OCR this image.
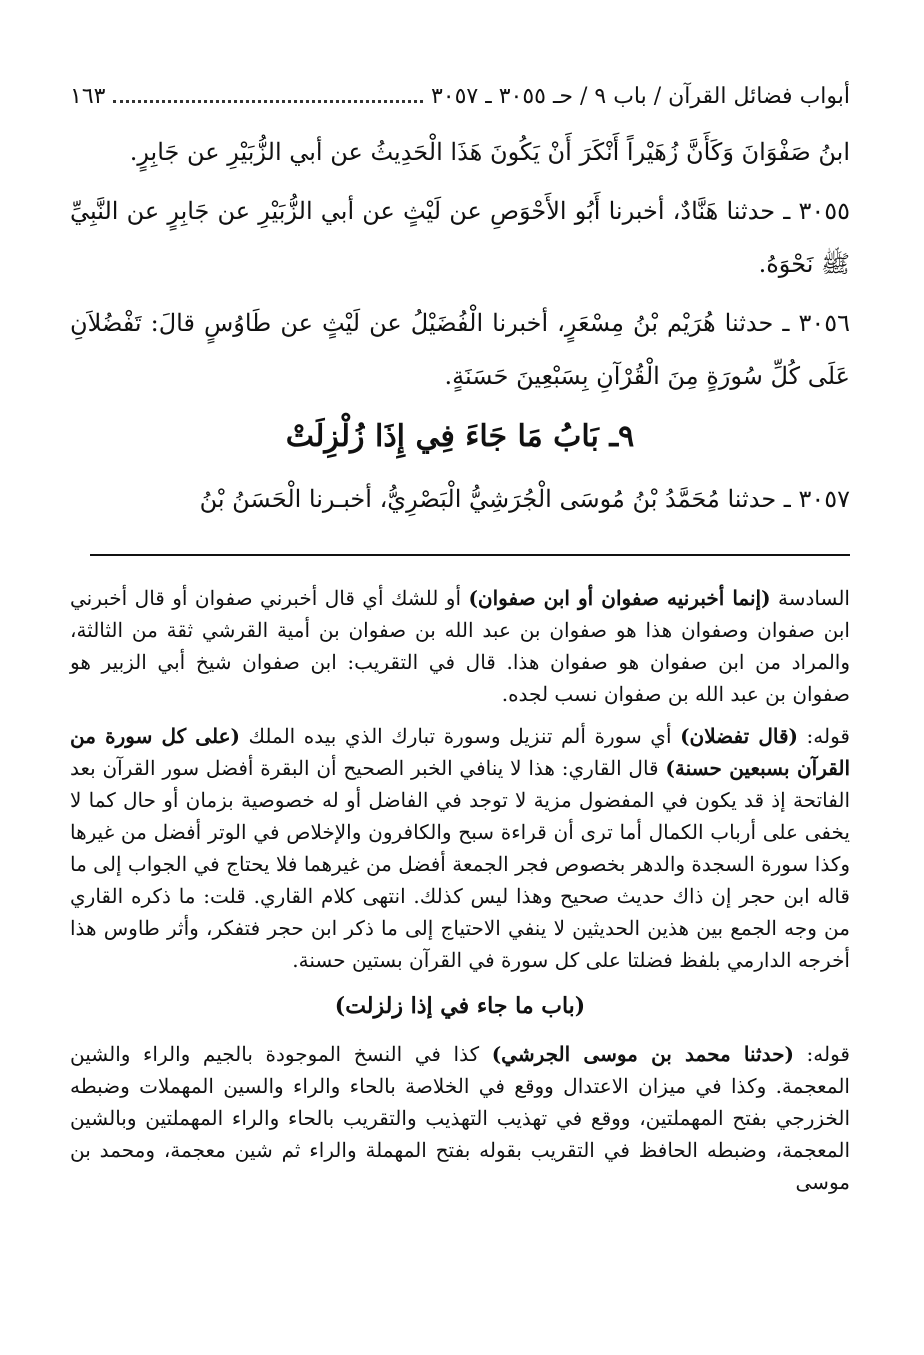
أبواب فضائل القرآن / باب ٩ / حـ ٣٠٥٥ ـ ٣٠٥٧
١٦٣

ابنُ صَفْوَانَ وَكَأَنَّ زُهَيْراً أَنْكَرَ أَنْ يَكُونَ هَذَا الْحَدِيثُ عن أبي الزُّبَيْرِ عن جَابِرٍ.

٣٠٥٥ ـ حدثنا هَنَّادٌ، أخبرنا أَبُو الأَحْوَصِ عن لَيْثٍ عن أبي الزُّبَيْرِ عن جَابِرٍ عن النَّبِيِّ ﷺ نَحْوَهُ.

٣٠٥٦ ـ حدثنا هُرَيْم بْنُ مِسْعَرٍ، أخبرنا الْفُضَيْلُ عن لَيْثٍ عن طَاوُسٍ قالَ: تَفْضُلاَنِ عَلَى كُلِّ سُورَةٍ مِنَ الْقُرْآنِ بِسَبْعِينَ حَسَنَةٍ.

٩ـ بَابُ مَا جَاءَ فِي إِذَا زُلْزِلَتْ

٣٠٥٧ ـ حدثنا مُحَمَّدُ بْنُ مُوسَى الْجُرَشِيُّ الْبَصْرِيُّ، أخبـرنا الْحَسَنُ بْنُ

السادسة (إنما أخبرنيه صفوان أو ابن صفوان) أو للشك أي قال أخبرني صفوان أو قال أخبرني ابن صفوان وصفوان هذا هو صفوان بن عبد الله بن صفوان بن أمية القرشي ثقة من الثالثة، والمراد من ابن صفوان هو صفوان هذا. قال في التقريب: ابن صفوان شيخ أبي الزبير هو صفوان بن عبد الله بن صفوان نسب لجده.

قوله: (قال تفضلان) أي سورة ألم تنزيل وسورة تبارك الذي بيده الملك (على كل سورة من القرآن بسبعين حسنة) قال القاري: هذا لا ينافي الخبر الصحيح أن البقرة أفضل سور القرآن بعد الفاتحة إذ قد يكون في المفضول مزية لا توجد في الفاضل أو له خصوصية بزمان أو حال كما لا يخفى على أرباب الكمال أما ترى أن قراءة سبح والكافرون والإخلاص في الوتر أفضل من غيرها وكذا سورة السجدة والدهر بخصوص فجر الجمعة أفضل من غيرهما فلا يحتاج في الجواب إلى ما قاله ابن حجر إن ذاك حديث صحيح وهذا ليس كذلك. انتهى كلام القاري. قلت: ما ذكره القاري من وجه الجمع بين هذين الحديثين لا ينفي الاحتياج إلى ما ذكر ابن حجر فتفكر، وأثر طاوس هذا أخرجه الدارمي بلفظ فضلتا على كل سورة في القرآن بستين حسنة.

(باب ما جاء في إذا زلزلت)

قوله: (حدثنا محمد بن موسى الجرشي) كذا في النسخ الموجودة بالجيم والراء والشين المعجمة. وكذا في ميزان الاعتدال ووقع في الخلاصة بالحاء والراء والسين المهملات وضبطه الخزرجي بفتح المهملتين، ووقع في تهذيب التهذيب والتقريب بالحاء والراء المهملتين وبالشين المعجمة، وضبطه الحافظ في التقريب بقوله بفتح المهملة والراء ثم شين معجمة، ومحمد بن موسى
